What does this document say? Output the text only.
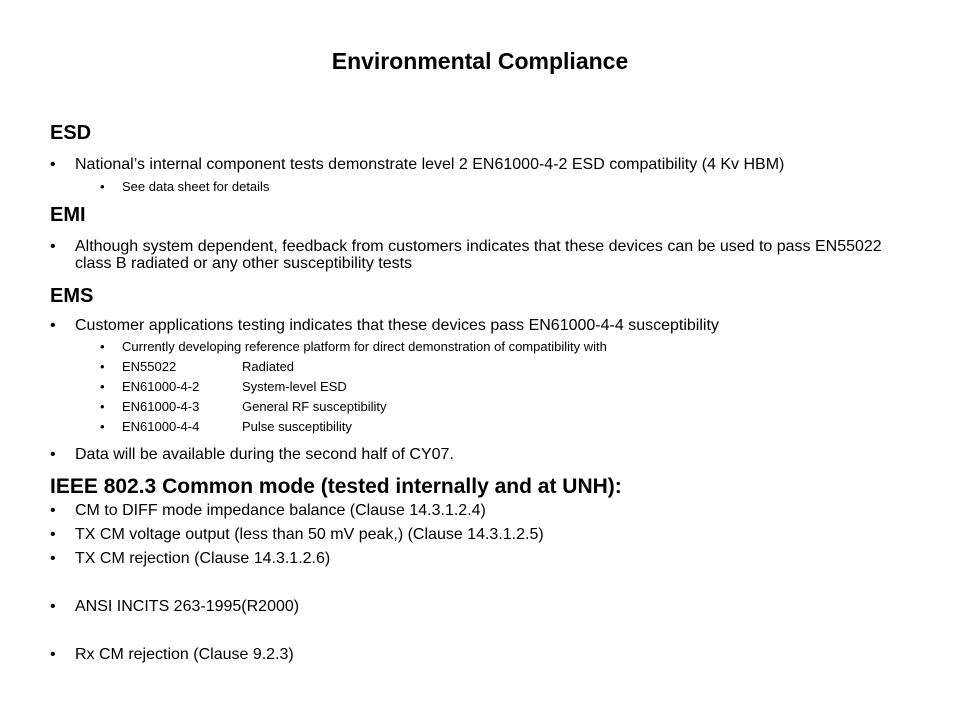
Environmental Compliance
ESD
• National’s internal component tests demonstrate level 2 EN61000-4-2 ESD compatibility (4 Kv HBM)
• See data sheet for details
EMI
• Although system dependent, feedback from customers indicates that these devices can be used to pass EN55022 class B radiated or any other susceptibility tests
EMS
• Customer applications testing indicates that these devices pass EN61000-4-4 susceptibility
• Currently developing reference platform for direct demonstration of compatibility with
• EN55022	Radiated
• EN61000-4-2	System-level ESD
• EN61000-4-3	General RF susceptibility
• EN61000-4-4	Pulse susceptibility
• Data will be available during the second half of CY07.
IEEE 802.3 Common mode (tested internally and at UNH):
• CM to DIFF mode impedance balance (Clause 14.3.1.2.4)
• TX CM voltage output (less than 50 mV peak,) (Clause 14.3.1.2.5)
• TX CM rejection (Clause 14.3.1.2.6)
• ANSI INCITS 263-1995(R2000)
• Rx CM rejection (Clause 9.2.3)
